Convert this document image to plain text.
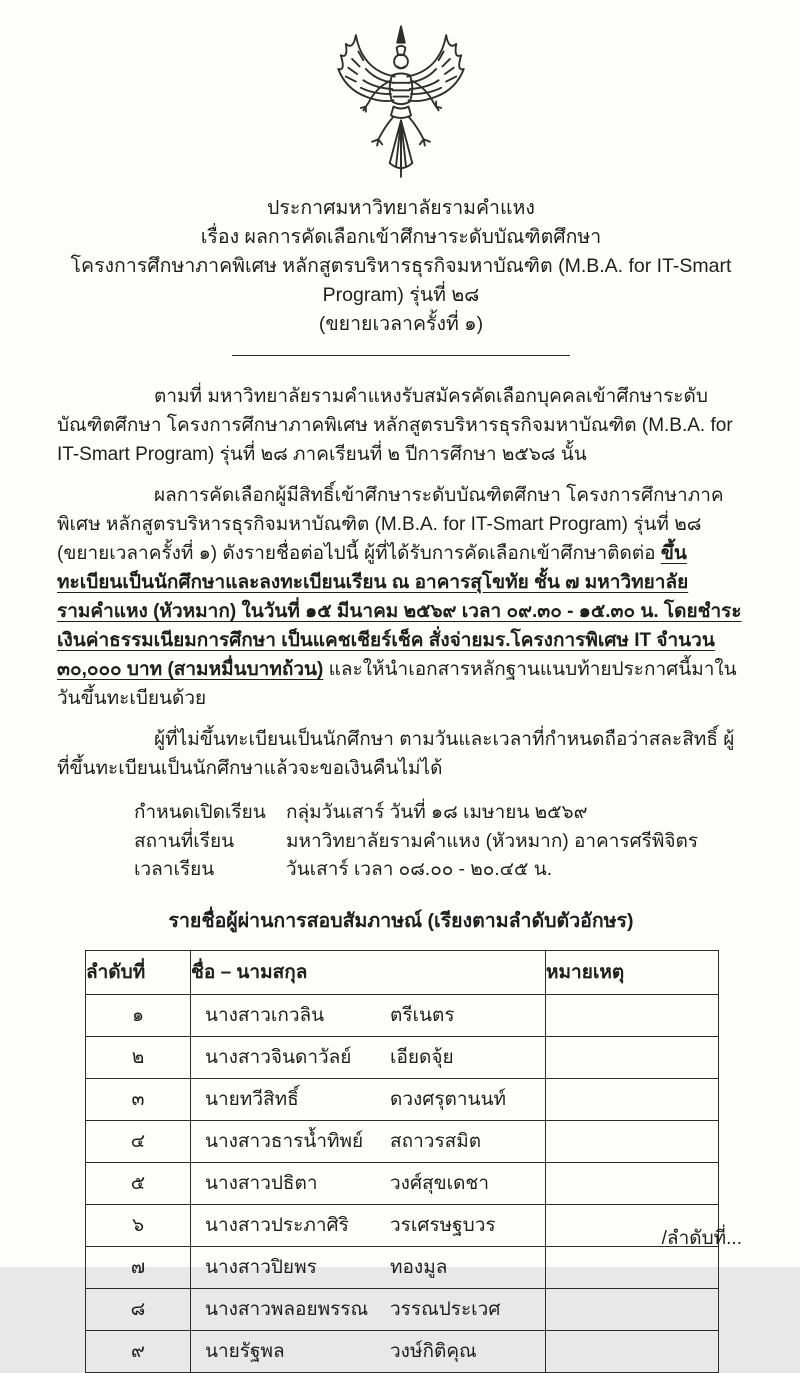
ประกาศมหาวิทยาลัยรามคำแหง
เรื่อง ผลการคัดเลือกเข้าศึกษาระดับบัณฑิตศึกษา
โครงการศึกษาภาคพิเศษ หลักสูตรบริหารธุรกิจมหาบัณฑิต (M.B.A. for IT-Smart Program) รุ่นที่ ๒๘
(ขยายเวลาครั้งที่ ๑)

ตามที่ มหาวิทยาลัยรามคำแหงรับสมัครคัดเลือกบุคคลเข้าศึกษาระดับบัณฑิตศึกษา โครงการศึกษาภาคพิเศษ หลักสูตรบริหารธุรกิจมหาบัณฑิต (M.B.A. for IT-Smart Program) รุ่นที่ ๒๘ ภาคเรียนที่ ๒ ปีการศึกษา ๒๕๖๘ นั้น

ผลการคัดเลือกผู้มีสิทธิ์เข้าศึกษาระดับบัณฑิตศึกษา โครงการศึกษาภาคพิเศษ หลักสูตรบริหารธุรกิจมหาบัณฑิต (M.B.A. for IT-Smart Program) รุ่นที่ ๒๘ (ขยายเวลาครั้งที่ ๑) ดังรายชื่อต่อไปนี้ ผู้ที่ได้รับการคัดเลือกเข้าศึกษาติดต่อ ขึ้นทะเบียนเป็นนักศึกษาและลงทะเบียนเรียน ณ อาคารสุโขทัย ชั้น ๗ มหาวิทยาลัยรามคำแหง (หัวหมาก) ในวันที่ ๑๕ มีนาคม ๒๕๖๙ เวลา ๐๙.๓๐ - ๑๕.๓๐ น. โดยชำระเงินค่าธรรมเนียมการศึกษา เป็นแคชเชียร์เช็ค สั่งจ่ายมร.โครงการพิเศษ IT จำนวน ๓๐,๐๐๐ บาท (สามหมื่นบาทถ้วน) และให้นำเอกสารหลักฐานแนบท้ายประกาศนี้มาในวันขึ้นทะเบียนด้วย

ผู้ที่ไม่ขึ้นทะเบียนเป็นนักศึกษา ตามวันและเวลาที่กำหนดถือว่าสละสิทธิ์ ผู้ที่ขึ้นทะเบียนเป็นนักศึกษาแล้วจะขอเงินคืนไม่ได้

กำหนดเปิดเรียน	กลุ่มวันเสาร์ วันที่ ๑๘ เมษายน ๒๕๖๙
สถานที่เรียน	มหาวิทยาลัยรามคำแหง (หัวหมาก) อาคารศรีพิจิตร
เวลาเรียน	วันเสาร์ เวลา ๐๘.๐๐ - ๒๐.๔๕ น.
รายชื่อผู้ผ่านการสอบสัมภาษณ์ (เรียงตามลำดับตัวอักษร)
ลำดับที่	ชื่อ – นามสกุล	หมายเหตุ
๑	นางสาวเกวลิน ตรีเนตร	

๒	นางสาวจินดาวัลย์ เอียดจุ้ย	

๓	นายทวีสิทธิ์ ดวงศรุตานนท์	

๔	นางสาวธารน้ำทิพย์ สถาวรสมิต	

๕	นางสาวปธิตา วงศ์สุขเดชา	

๖	นางสาวประภาศิริ วรเศรษฐบวร	

๗	นางสาวปิยพร ทองมูล	

๘	นางสาวพลอยพรรณ วรรณประเวศ	

๙	นายรัฐพล วงษ์กิติคุณ	

/ลำดับที่...
